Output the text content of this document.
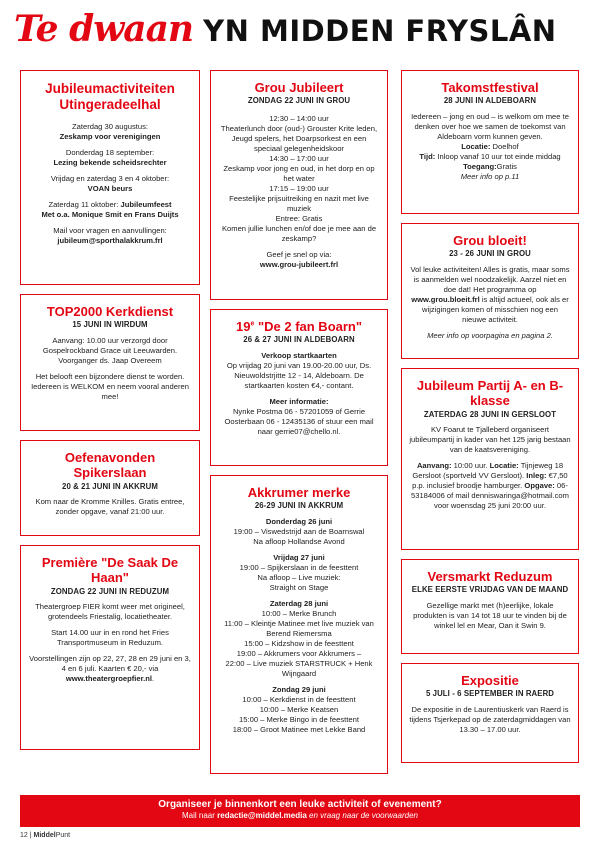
Te dwaan YN MIDDEN FRYSLÂN
Jubileumactiviteiten Utingeradeelhal

Zaterdag 30 augustus:
Zeskamp voor verenigingen

Donderdag 18 september:
Lezing bekende scheidsrechter

Vrijdag en zaterdag 3 en 4 oktober:
VOAN beurs

Zaterdag 11 oktober: Jubileumfeest
Met o.a. Monique Smit en Frans Duijts

Mail voor vragen en aanvullingen:
jubileum@sporthalakkrum.frl

TOP2000 Kerkdienst
15 JUNI IN WIRDUM

Aanvang: 10.00 uur verzorgd door Gospelrockband Grace uit Leeuwarden. Voorganger ds. Jaap Overeem

Het belooft een bijzondere dienst te worden. Iedereen is WELKOM en neem vooral anderen mee!

Oefenavonden Spikerslaan
20 & 21 JUNI IN AKKRUM

Kom naar de Kromme Knilles. Gratis entree, zonder opgave, vanaf 21:00 uur.

Première "De Saak De Haan"
ZONDAG 22 JUNI IN REDUZUM

Theatergroep FIER komt weer met origineel, grotendeels Friestalig, locatietheater.

Start 14.00 uur in en rond het Fries Transportmuseum in Reduzum.

Voorstellingen zijn op 22, 27, 28 en 29 juni en 3, 4 en 6 juli. Kaarten € 20,- via www.theatergroepfier.nl.

Grou Jubileert
ZONDAG 22 JUNI IN GROU

12:30 – 14:00 uur
Theaterlunch door (oud-) Grouster Krite leden, Jeugd spelers, het Doarpsorkest en een speciaal gelegenheidskoor
14:30 – 17:00 uur
Zeskamp voor jong en oud, in het dorp en op het water
17:15 – 19:00 uur
Feestelijke prijsuitreiking en nazit met live muziek
Entree: Gratis
Komen jullie lunchen en/of doe je mee aan de zeskamp?

Geef je snel op via:
www.grou-jubileert.frl

19e "De 2 fan Boarn"
26 & 27 JUNI IN ALDEBOARN

Verkoop startkaarten
Op vrijdag 20 juni van 19.00-20.00 uur, Ds. Nieuwoldstrjitte 12 - 14, Aldeboarn. De startkaarten kosten €4,- contant.

Meer informatie:
Nynke Postma 06 - 57201059 of Gerrie Oosterbaan 06 - 12435136 of stuur een mail naar gerrie07@chello.nl.

Akkrumer merke
26-29 JUNI IN AKKRUM

Donderdag 26 juni
19:00 – Viswedstrijd aan de Boarnswal
Na afloop Hollandse Avond

Vrijdag 27 juni
19:00 – Spijkerslaan in de feesttent
Na afloop – Live muziek:
Straight on Stage

Zaterdag 28 juni
10:00 – Merke Brunch
11:00 – Kleintje Matinee met live muziek van Berend Riemersma
15:00 – Kidzshow in de feesttent
19:00 – Akkrumers voor Akkrumers –
22:00 – Live muziek STARSTRUCK + Henk Wijngaard

Zondag 29 juni
10:00 – Kerkdienst in de feesttent
10:00 – Merke Keatsen
15:00 – Merke Bingo in de feesttent
18:00 – Groot Matinee met Lekke Band

Takomstfestival
28 JUNI IN ALDEBOARN

Iedereen – jong en oud – is welkom om mee te denken over hoe we samen de toekomst van Aldeboarn vorm kunnen geven.
Locatie: Doelhof
Tijd: Inloop vanaf 10 uur tot einde middag
Toegang:Gratis
Meer info op p.11

Grou bloeit!
23 - 26 JUNI IN GROU

Vol leuke activiteiten! Alles is gratis, maar soms is aanmelden wel noodzakelijk. Aarzel niet en doe dat! Het programma op www.grou.bloeit.frl is altijd actueel, ook als er wijzigingen komen of misschien nog een nieuwe activiteit.

Meer info op voorpagina en pagina 2.

Jubileum Partij A- en B- klasse
ZATERDAG 28 JUNI IN GERSLOOT

KV Foarut te Tjalleberd organiseert jubileumpartij in kader van het 125 jarig bestaan van de kaatsvereniging.

Aanvang: 10:00 uur. Locatie: Tijnjeweg 18 Gersloot (sportveld VV Gersloot). Inleg: €7,50 p.p. inclusief broodje hamburger. Opgave: 06-53184006 of mail denniswaringa@hotmail.com voor woensdag 25 juni 20:00 uur.

Versmarkt Reduzum
ELKE EERSTE VRIJDAG VAN DE MAAND

Gezellige markt met (h)eerlijke, lokale produkten is van 14 tot 18 uur te vinden bij de winkel lel en Mear, Oan it Swin 9.

Expositie
5 JULI - 6 SEPTEMBER IN RAERD

De expositie in de Laurentiuskerk van Raerd is tijdens Tsjerkepad op de zaterdagmiddagen van 13.30 – 17.00 uur.

Organiseer je binnenkort een leuke activiteit of evenement?
Mail naar redactie@middel.media en vraag naar de voorwaarden
12 | MiddelPunt
